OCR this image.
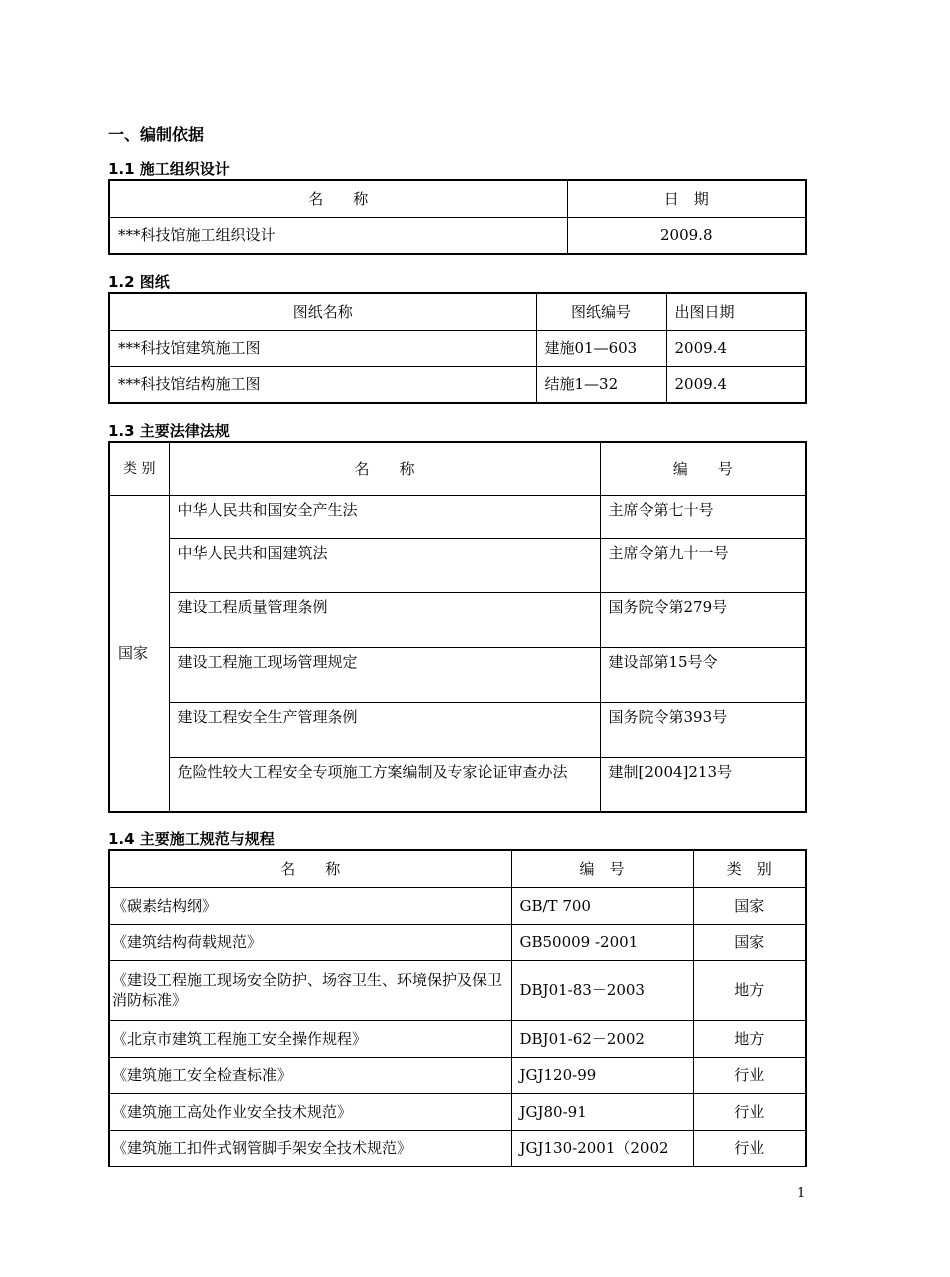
一、编制依据
1.1 施工组织设计
名　　称	日　期
***科技馆施工组织设计	2009.8
1.2 图纸
图纸名称	图纸编号	出图日期
***科技馆建筑施工图	建施01—603	2009.4
***科技馆结构施工图	结施1—32	2009.4
1.3 主要法律法规
类 别	名　　称	编　　号
国家	中华人民共和国安全产生法	主席令第七十号
	中华人民共和国建筑法	主席令第九十一号
	建设工程质量管理条例	国务院令第279号
	建设工程施工现场管理规定	建设部第15号令
	建设工程安全生产管理条例	国务院令第393号
	危险性较大工程安全专项施工方案编制及专家论证审查办法	建制[2004]213号
1.4 主要施工规范与规程
名　　称	编　号	类　别
《碳素结构纲》	GB/T 700	国家
《建筑结构荷载规范》	GB50009 -2001	国家
《建设工程施工现场安全防护、场容卫生、环境保护及保卫消防标准》	DBJ01-83－2003	地方
《北京市建筑工程施工安全操作规程》	DBJ01-62－2002	地方
《建筑施工安全检查标准》	JGJ120-99	行业
《建筑施工高处作业安全技术规范》	JGJ80-91	行业
《建筑施工扣件式钢管脚手架安全技术规范》	JGJ130-2001（2002	行业
1
